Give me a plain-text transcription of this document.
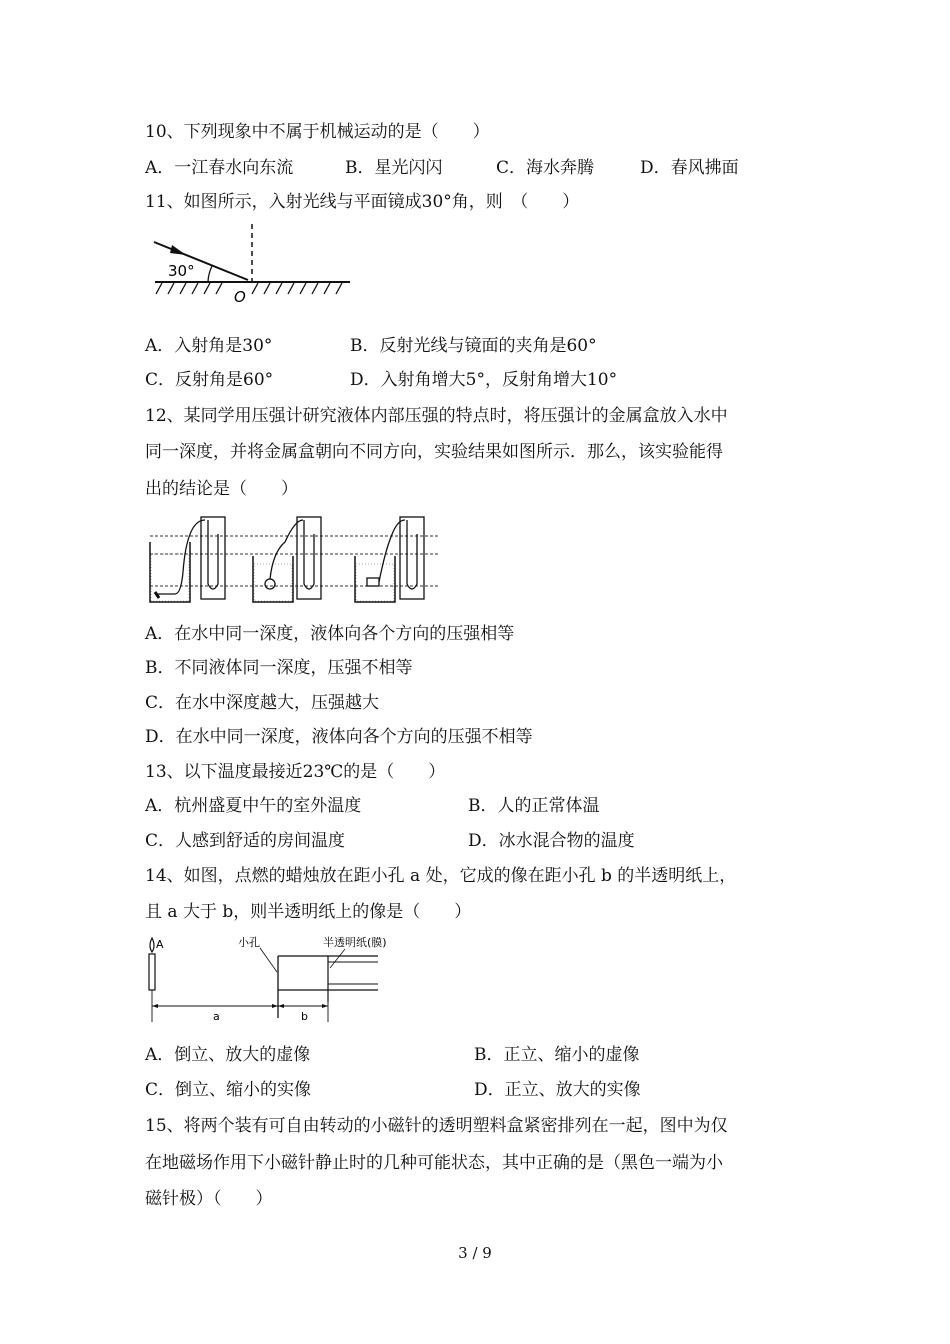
10、下列现象中不属于机械运动的是（　　）
A．一江春水向东流	B．星光闪闪	C．海水奔腾	D．春风拂面
11、如图所示，入射光线与平面镜成30°角，则　（　　）
30°
O
A．入射角是30°	B．反射光线与镜面的夹角是60°
C．反射角是60°	D．入射角增大5°，反射角增大10°
12、某同学用压强计研究液体内部压强的特点时，将压强计的金属盒放入水中
同一深度，并将金属盒朝向不同方向，实验结果如图所示．那么，该实验能得
出的结论是（　　）
A．在水中同一深度，液体向各个方向的压强相等
B．不同液体同一深度，压强不相等
C．在水中深度越大，压强越大
D．在水中同一深度，液体向各个方向的压强不相等
13、以下温度最接近23℃的是（　　）
A．杭州盛夏中午的室外温度	B．人的正常体温
C．人感到舒适的房间温度	D．冰水混合物的温度
14、如图，点燃的蜡烛放在距小孔 a 处，它成的像在距小孔 b 的半透明纸上，
且 a 大于 b，则半透明纸上的像是（　　）
A	小孔	半透明纸(膜)
a	b
A．倒立、放大的虚像	B．正立、缩小的虚像
C．倒立、缩小的实像	D．正立、放大的实像
15、将两个装有可自由转动的小磁针的透明塑料盒紧密排列在一起，图中为仅
在地磁场作用下小磁针静止时的几种可能状态，其中正确的是（黑色一端为小
磁针极）（　　）
3 / 9
